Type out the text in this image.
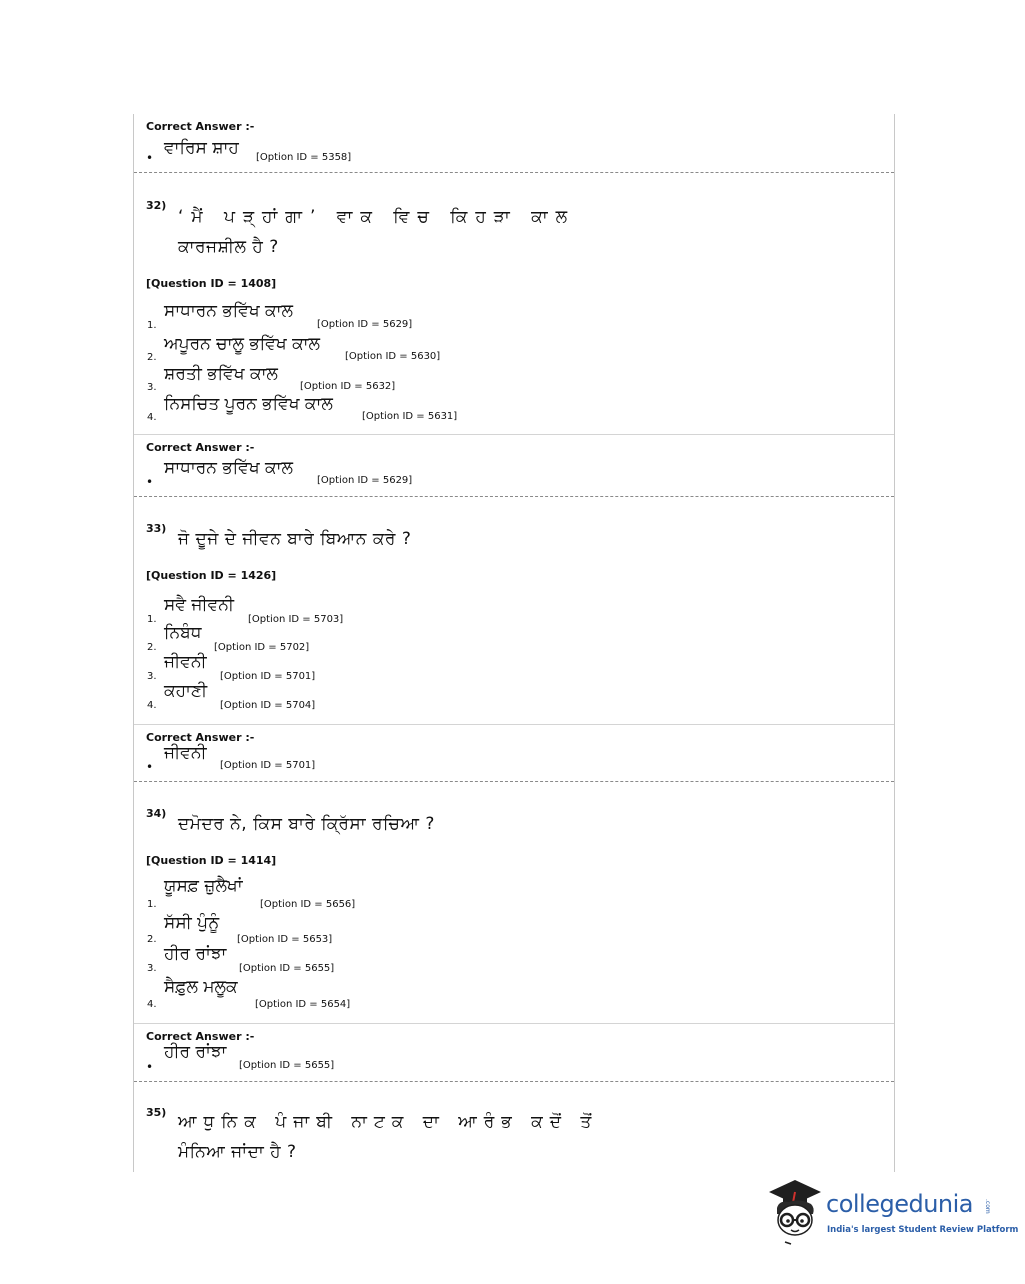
Correct Answer :-
• ਵਾਰਿਸ ਸ਼ਾਹ [Option ID = 5358]
32)
‘ਮੈਂ ਪੜ੍ਹਾਂਗਾ’ ਵਾਕ ਵਿਚ ਕਿਹੜਾ ਕਾਲ
ਕਾਰਜਸ਼ੀਲ ਹੈ ?
[Question ID = 1408]
1.
ਸਾਧਾਰਨ ਭਵਿੱਖ ਕਾਲ
[Option ID = 5629]
2.
ਅਪੂਰਨ ਚਾਲੂ ਭਵਿੱਖ ਕਾਲ
[Option ID = 5630]
3.
ਸ਼ਰਤੀ ਭਵਿੱਖ ਕਾਲ
[Option ID = 5632]
4.
ਨਿਸਚਿਤ ਪੂਰਨ ਭਵਿੱਖ ਕਾਲ
[Option ID = 5631]
Correct Answer :-
•
ਸਾਧਾਰਨ ਭਵਿੱਖ ਕਾਲ
[Option ID = 5629]
33)
ਜੋ ਦੂਜੇ ਦੇ ਜੀਵਨ ਬਾਰੇ ਬਿਆਨ ਕਰੇ ?
[Question ID = 1426]
1.
ਸਵੈ ਜੀਵਨੀ
[Option ID = 5703]
2.
ਨਿਬੰਧ
[Option ID = 5702]
3.
ਜੀਵਨੀ
[Option ID = 5701]
4.
ਕਹਾਣੀ
[Option ID = 5704]
Correct Answer :-
•
ਜੀਵਨੀ
[Option ID = 5701]
34)
ਦਮੋਦਰ ਨੇ, ਕਿਸ ਬਾਰੇ ਕ੍ਰਿੱਸਾ ਰਚਿਆ ?
[Question ID = 1414]
1.
ਯੂਸਫ਼ ਜ਼ੁਲੈਖਾਂ
[Option ID = 5656]
2.
ਸੱਸੀ ਪੁੰਨੂੰ
[Option ID = 5653]
3.
ਹੀਰ ਰਾਂਝਾ
[Option ID = 5655]
4.
ਸੈਫ਼ੁਲ ਮਲੂਕ
[Option ID = 5654]
Correct Answer :-
•
ਹੀਰ ਰਾਂਝਾ
[Option ID = 5655]
35) ਆਧੁਨਿਕ ਪੰਜਾਬੀ ਨਾਟਕ ਦਾ ਆਰੰਭ ਕਦੋਂ ਤੋਂ
ਮੰਨਿਆ ਜਾਂਦਾ ਹੈ ?
collegedunia .com
India's largest Student Review Platform
